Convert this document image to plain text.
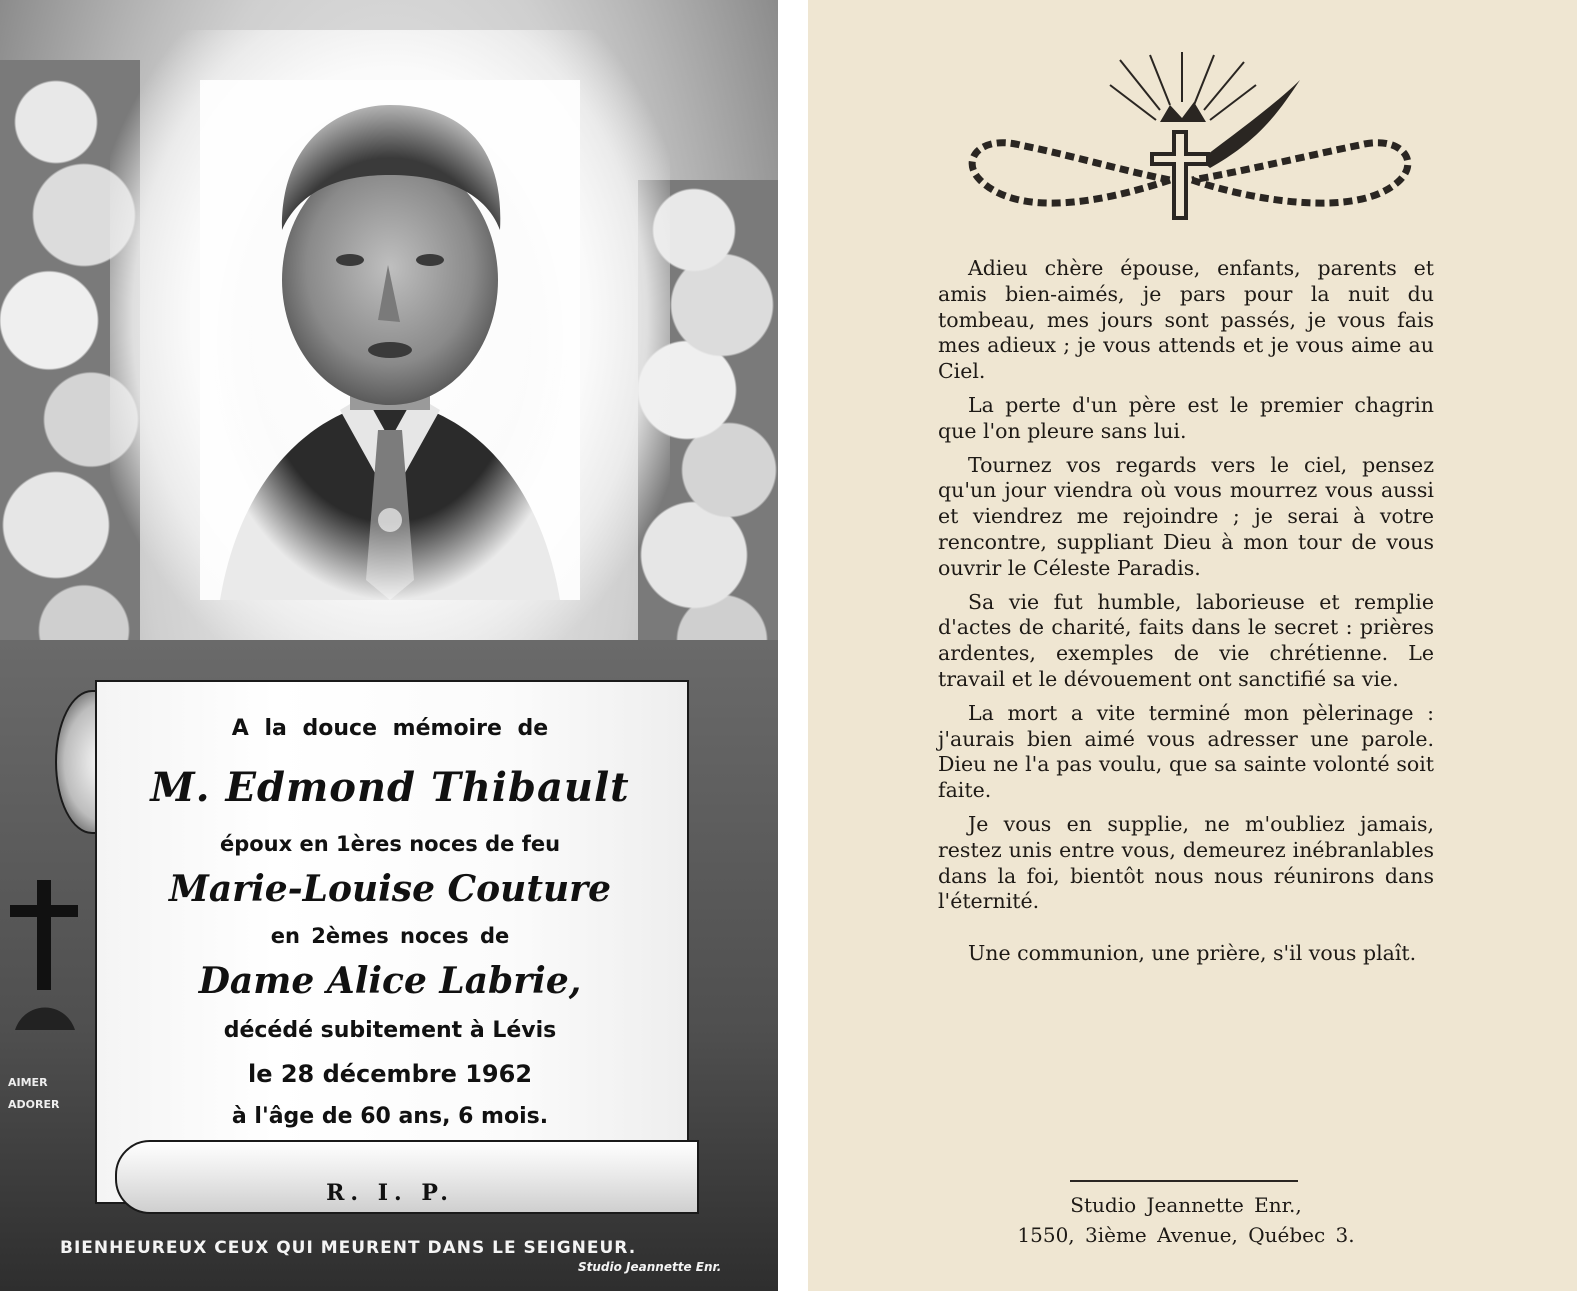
AIMER
ADORER
A la douce mémoire de
M. Edmond Thibault
époux en 1ères noces de feu
Marie-Louise Couture
en 2èmes noces de
Dame Alice Labrie,
décédé subitement à Lévis
le 28 décembre 1962
à l'âge de 60 ans, 6 mois.
R. I. P.
BIENHEUREUX CEUX QUI MEURENT DANS LE SEIGNEUR.
Studio Jeannette Enr.

Adieu chère épouse, enfants, parents et amis bien-aimés, je pars pour la nuit du tombeau, mes jours sont passés, je vous fais mes adieux ; je vous attends et je vous aime au Ciel.

La perte d'un père est le premier chagrin que l'on pleure sans lui.

Tournez vos regards vers le ciel, pensez qu'un jour viendra où vous mourrez vous aussi et viendrez me rejoindre ; je serai à votre rencontre, suppliant Dieu à mon tour de vous ouvrir le Céleste Paradis.

Sa vie fut humble, laborieuse et remplie d'actes de charité, faits dans le secret : prières ardentes, exemples de vie chrétienne. Le travail et le dévouement ont sanctifié sa vie.

La mort a vite terminé mon pèlerinage : j'aurais bien aimé vous adresser une parole. Dieu ne l'a pas voulu, que sa sainte volonté soit faite.

Je vous en supplie, ne m'oubliez jamais, restez unis entre vous, demeurez inébranlables dans la foi, bientôt nous nous réunirons dans l'éternité.

Une communion, une prière, s'il vous plaît.

Studio Jeannette Enr.,
1550, 3ième Avenue, Québec 3.
